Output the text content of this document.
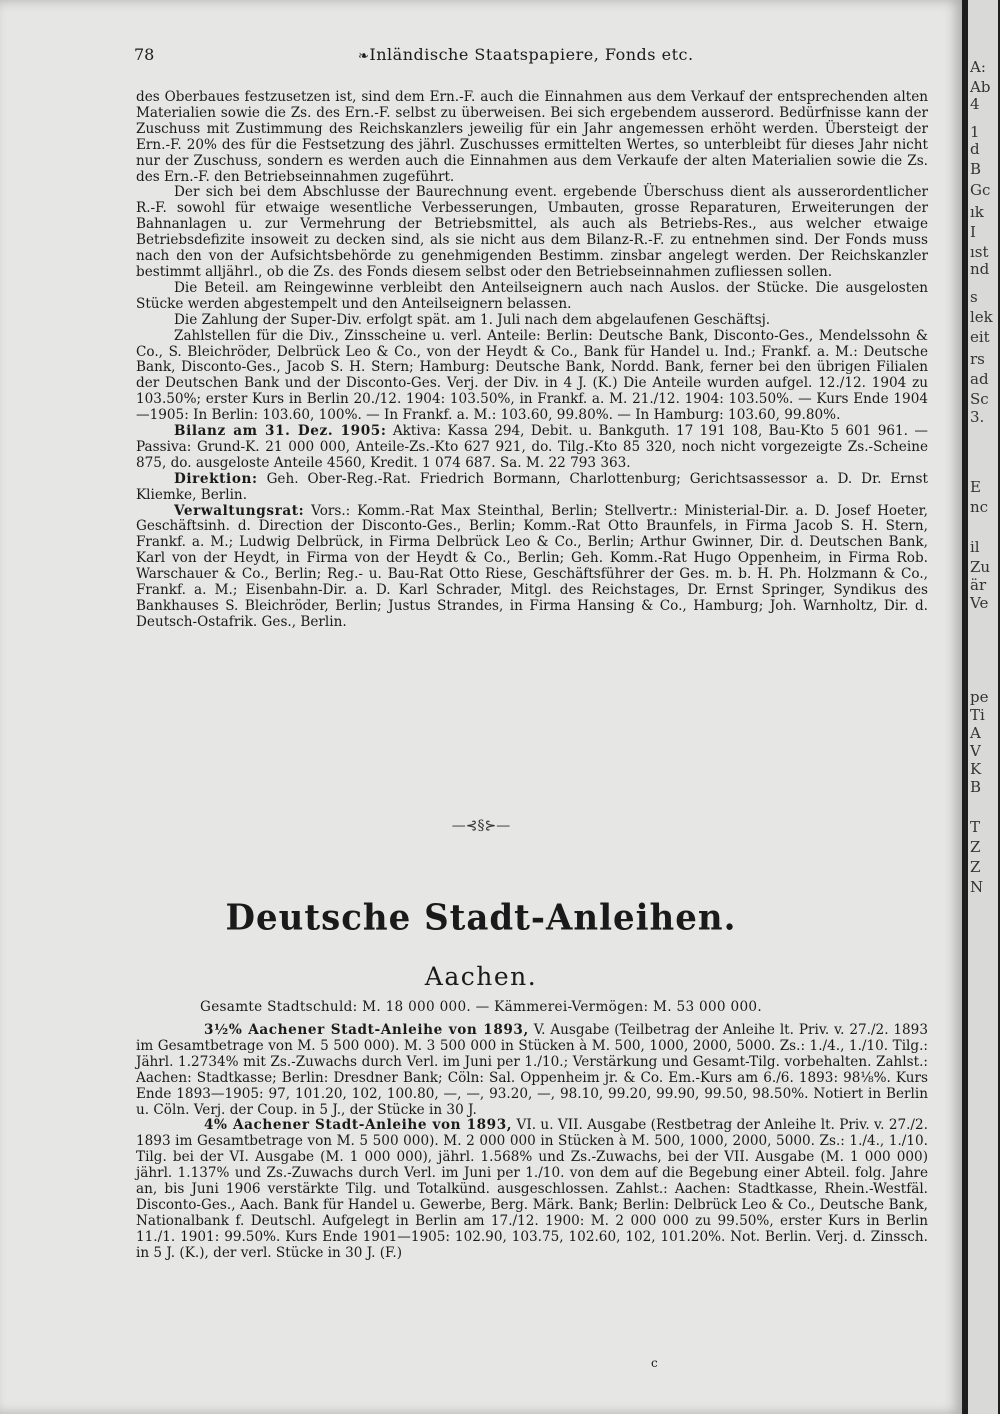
78	❧Inländische Staatspapiere, Fonds etc.

des Oberbaues festzusetzen ist, sind dem Ern.-F. auch die Einnahmen aus dem Verkauf der entsprechenden alten Materialien sowie die Zs. des Ern.-F. selbst zu überweisen. Bei sich ergebendem ausserord. Bedürfnisse kann der Zuschuss mit Zustimmung des Reichskanzlers jeweilig für ein Jahr angemessen erhöht werden. Übersteigt der Ern.-F. 20% des für die Festsetzung des jährl. Zuschusses ermittelten Wertes, so unterbleibt für dieses Jahr nicht nur der Zuschuss, sondern es werden auch die Einnahmen aus dem Verkaufe der alten Materialien sowie die Zs. des Ern.-F. den Betriebseinnahmen zugeführt.

Der sich bei dem Abschlusse der Baurechnung event. ergebende Überschuss dient als ausserordentlicher R.-F. sowohl für etwaige wesentliche Verbesserungen, Umbauten, grosse Reparaturen, Erweiterungen der Bahnanlagen u. zur Vermehrung der Betriebsmittel, als auch als Betriebs-Res., aus welcher etwaige Betriebsdefizite insoweit zu decken sind, als sie nicht aus dem Bilanz-R.-F. zu entnehmen sind. Der Fonds muss nach den von der Aufsichtsbehörde zu genehmigenden Bestimm. zinsbar angelegt werden. Der Reichskanzler bestimmt alljährl., ob die Zs. des Fonds diesem selbst oder den Betriebseinnahmen zufliessen sollen.

Die Beteil. am Reingewinne verbleibt den Anteilseignern auch nach Auslos. der Stücke. Die ausgelosten Stücke werden abgestempelt und den Anteilseignern belassen.

Die Zahlung der Super-Div. erfolgt spät. am 1. Juli nach dem abgelaufenen Geschäftsj.

Zahlstellen für die Div., Zinsscheine u. verl. Anteile: Berlin: Deutsche Bank, Disconto-Ges., Mendelssohn & Co., S. Bleichröder, Delbrück Leo & Co., von der Heydt & Co., Bank für Handel u. Ind.; Frankf. a. M.: Deutsche Bank, Disconto-Ges., Jacob S. H. Stern; Hamburg: Deutsche Bank, Nordd. Bank, ferner bei den übrigen Filialen der Deutschen Bank und der Disconto-Ges. Verj. der Div. in 4 J. (K.) Die Anteile wurden aufgel. 12./12. 1904 zu 103.50%; erster Kurs in Berlin 20./12. 1904: 103.50%, in Frankf. a. M. 21./12. 1904: 103.50%. — Kurs Ende 1904—1905: In Berlin: 103.60, 100%. — In Frankf. a. M.: 103.60, 99.80%. — In Hamburg: 103.60, 99.80%.

Bilanz am 31. Dez. 1905: Aktiva: Kassa 294, Debit. u. Bankguth. 17 191 108, Bau-Kto 5 601 961. — Passiva: Grund-K. 21 000 000, Anteile-Zs.-Kto 627 921, do. Tilg.-Kto 85 320, noch nicht vorgezeigte Zs.-Scheine 875, do. ausgeloste Anteile 4560, Kredit. 1 074 687. Sa. M. 22 793 363.

Direktion: Geh. Ober-Reg.-Rat. Friedrich Bormann, Charlottenburg; Gerichtsassessor a. D. Dr. Ernst Kliemke, Berlin.

Verwaltungsrat: Vors.: Komm.-Rat Max Steinthal, Berlin; Stellvertr.: Ministerial-Dir. a. D. Josef Hoeter, Geschäftsinh. d. Direction der Disconto-Ges., Berlin; Komm.-Rat Otto Braunfels, in Firma Jacob S. H. Stern, Frankf. a. M.; Ludwig Delbrück, in Firma Delbrück Leo & Co., Berlin; Arthur Gwinner, Dir. d. Deutschen Bank, Karl von der Heydt, in Firma von der Heydt & Co., Berlin; Geh. Komm.-Rat Hugo Oppenheim, in Firma Rob. Warschauer & Co., Berlin; Reg.- u. Bau-Rat Otto Riese, Geschäftsführer der Ges. m. b. H. Ph. Holzmann & Co., Frankf. a. M.; Eisenbahn-Dir. a. D. Karl Schrader, Mitgl. des Reichstages, Dr. Ernst Springer, Syndikus des Bankhauses S. Bleichröder, Berlin; Justus Strandes, in Firma Hansing & Co., Hamburg; Joh. Warnholtz, Dir. d. Deutsch-Ostafrik. Ges., Berlin.

—⊰§⊱—
Deutsche Stadt-Anleihen.
Aachen.
Gesamte Stadtschuld: M. 18 000 000. — Kämmerei-Vermögen: M. 53 000 000.

3½% Aachener Stadt-Anleihe von 1893, V. Ausgabe (Teilbetrag der Anleihe lt. Priv. v. 27./2. 1893 im Gesamtbetrage von M. 5 500 000). M. 3 500 000 in Stücken à M. 500, 1000, 2000, 5000. Zs.: 1./4., 1./10. Tilg.: Jährl. 1.2734% mit Zs.-Zuwachs durch Verl. im Juni per 1./10.; Verstärkung und Gesamt-Tilg. vorbehalten. Zahlst.: Aachen: Stadtkasse; Berlin: Dresdner Bank; Cöln: Sal. Oppenheim jr. & Co. Em.-Kurs am 6./6. 1893: 98⅛%. Kurs Ende 1893—1905: 97, 101.20, 102, 100.80, —, —, 93.20, —, 98.10, 99.20, 99.90, 99.50, 98.50%. Notiert in Berlin u. Cöln. Verj. der Coup. in 5 J., der Stücke in 30 J.

4% Aachener Stadt-Anleihe von 1893, VI. u. VII. Ausgabe (Restbetrag der Anleihe lt. Priv. v. 27./2. 1893 im Gesamtbetrage von M. 5 500 000). M. 2 000 000 in Stücken à M. 500, 1000, 2000, 5000. Zs.: 1./4., 1./10. Tilg. bei der VI. Ausgabe (M. 1 000 000), jährl. 1.568% und Zs.-Zuwachs, bei der VII. Ausgabe (M. 1 000 000) jährl. 1.137% und Zs.-Zuwachs durch Verl. im Juni per 1./10. von dem auf die Begebung einer Abteil. folg. Jahre an, bis Juni 1906 verstärkte Tilg. und Totalkünd. ausgeschlossen. Zahlst.: Aachen: Stadtkasse, Rhein.-Westfäl. Disconto-Ges., Aach. Bank für Handel u. Gewerbe, Berg. Märk. Bank; Berlin: Delbrück Leo & Co., Deutsche Bank, Nationalbank f. Deutschl. Aufgelegt in Berlin am 17./12. 1900: M. 2 000 000 zu 99.50%, erster Kurs in Berlin 11./1. 1901: 99.50%. Kurs Ende 1901—1905: 102.90, 103.75, 102.60, 102, 101.20%. Not. Berlin. Verj. d. Zinssch. in 5 J. (K.), der verl. Stücke in 30 J. (F.)

ⅽ
A:
Ab
4
1
d
B
Gc
ık
I
ıst
nd
s
lek
eit
rs
ad
Sc
3.
E
nc
il
Zu
är
Ve
pe
Ti
A
V
K
B
T
Z
Z
N
